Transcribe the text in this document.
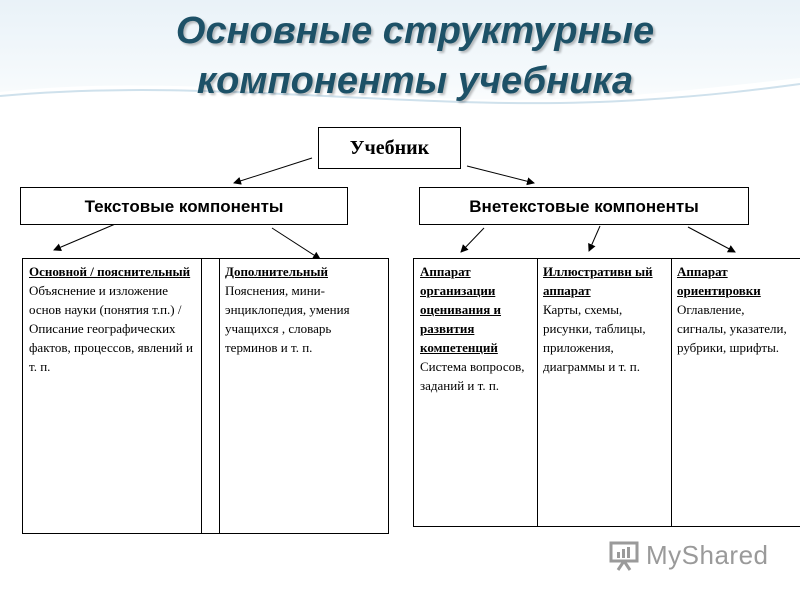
Основные структурные
компоненты учебника
Учебник
Текстовые компоненты	Внетекстовые компоненты
Основной / пояснительный
Объяснение и изложение основ науки (понятия т.п.) / Описание географических фактов, процессов, явлений и т. п.
Дополнительный
Пояснения, мини-энциклопедия, умения учащихся , словарь терминов и т. п.
Аппарат организации оценивания и развития компетенций
Система вопросов, заданий и т. п.
Иллюстративн ый аппарат
Карты, схемы, рисунки, таблицы, приложения, диаграммы и т. п.
Аппарат ориентировки
Оглавление, сигналы, указатели, рубрики, шрифты.
MyShared
